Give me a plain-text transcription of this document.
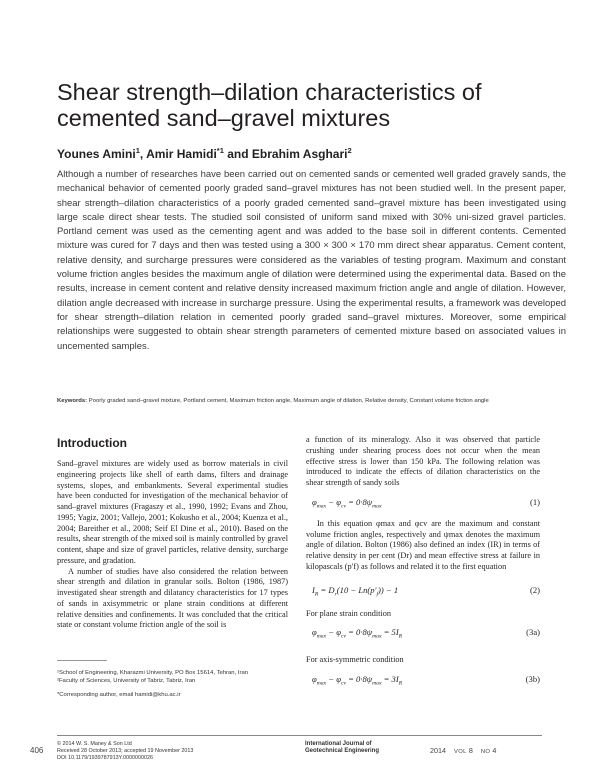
Shear strength–dilation characteristics of
cemented sand–gravel mixtures
Younes Amini$^1$, Amir Hamidi$^{*1}$ and Ebrahim Asghari$^2$

Although a number of researches have been carried out on cemented sands or cemented well graded gravely sands, the mechanical behavior of cemented poorly graded sand–gravel mixtures has not been studied well. In the present paper, shear strength–dilation characteristics of a poorly graded cemented sand–gravel mixture has been investigated using large scale direct shear tests. The studied soil consisted of uniform sand mixed with 30% uni-sized gravel particles. Portland cement was used as the cementing agent and was added to the base soil in different contents. Cemented mixture was cured for 7 days and then was tested using a 300 × 300 × 170 mm direct shear apparatus. Cement content, relative density, and surcharge pressures were considered as the variables of testing program. Maximum and constant volume friction angles besides the maximum angle of dilation were determined using the experimental data. Based on the results, increase in cement content and relative density increased maximum friction angle and angle of dilation. However, dilation angle decreased with increase in surcharge pressure. Using the experimental results, a framework was developed for shear strength–dilation relation in cemented poorly graded sand–gravel mixtures. Moreover, some empirical relationships were suggested to obtain shear strength parameters of cemented mixture based on associated values in uncemented samples.

Keywords: Poorly graded sand–gravel mixture, Portland cement, Maximum friction angle, Maximum angle of dilation, Relative density, Constant volume friction angle
Introduction

Sand–gravel mixtures are widely used as borrow materials in civil engineering projects like shell of earth dams, filters and drainage systems, slopes, and embankments. Several experimental studies have been conducted for investigation of the mechanical behavior of sand–gravel mixtures (Fragaszy et al., 1990, 1992; Evans and Zhou, 1995; Yagiz, 2001; Vallejo, 2001; Kokusho et al., 2004; Kuenza et al., 2004; Bareither et al., 2008; Seif El Dine et al., 2010). Based on the results, shear strength of the mixed soil is mainly controlled by gravel content, shape and size of gravel particles, relative density, surcharge pressure, and gradation.

A number of studies have also considered the relation between shear strength and dilation in granular soils. Bolton (1986, 1987) investigated shear strength and dilatancy characteristics for 17 types of sands in axisymmetric or plane strain conditions at different relative densities and confinements. It was concluded that the critical state or constant volume friction angle of the soil is

a function of its mineralogy. Also it was observed that particle crushing under shearing process does not occur when the mean effective stress is lower than 150 kPa. The following relation was introduced to indicate the effects of dilation characteristics on the shear strength of sandy soils

$\varphi_{max} - \varphi_{cv} = 0\cdot 8\psi_{max}$	(1)

In this equation φmax and φcv are the maximum and constant volume friction angles, respectively and ψmax denotes the maximum angle of dilation. Bolton (1986) also defined an index (IR) in terms of relative density in per cent (Dr) and mean effective stress at failure in kilopascals (p′f) as follows and related it to the first equation

$I_R = D_r(10 - Ln(p'_f)) - 1$	(2)

For plane strain condition

$\varphi_{max} - \varphi_{cv} = 0\cdot 8\psi_{max} = 5I_R$	(3a)

For axis-symmetric condition

$\varphi_{max} - \varphi_{cv} = 0\cdot 8\psi_{max} = 3I_R$	(3b)

¹School of Engineering, Kharazmi University, PO Box 15614, Tehran, Iran

²Faculty of Sciences, University of Tabriz, Tabriz, Iran

*Corresponding author, email hamidi@khu.ac.ir

406
© 2014 W. S. Maney & Son Ltd
Received 28 October 2013; accepted 19 November 2013
DOI 10.1179/1939787913Y.0000000026
International Journal of
Geotechnical Engineering	2014 VOL 8 NO 4
